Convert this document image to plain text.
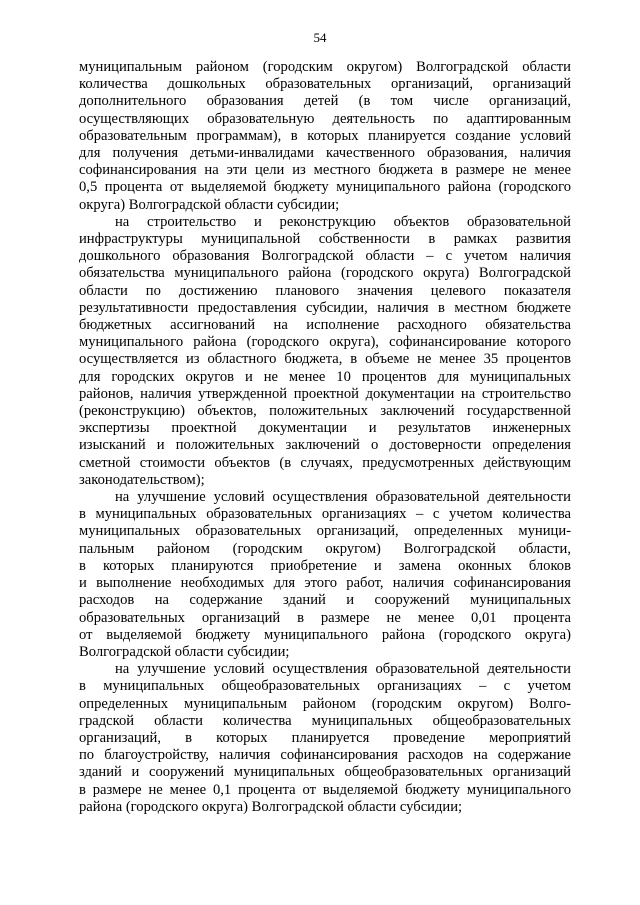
54

муниципальным районом (городским округом) Волгоградской области
количества дошкольных образовательных организаций, организаций
дополнительного образования детей (в том числе организаций,
осуществляющих образовательную деятельность по адаптированным
образовательным программам), в которых планируется создание условий
для получения детьми-инвалидами качественного образования, наличия
софинансирования на эти цели из местного бюджета в размере не менее
0,5 процента от выделяемой бюджету муниципального района (городского
округа) Волгоградской области субсидии;

на строительство и реконструкцию объектов образовательной
инфраструктуры муниципальной собственности в рамках развития
дошкольного образования Волгоградской области – с учетом наличия
обязательства муниципального района (городского округа) Волгоградской
области по достижению планового значения целевого показателя
результативности предоставления субсидии, наличия в местном бюджете
бюджетных ассигнований на исполнение расходного обязательства
муниципального района (городского округа), софинансирование которого
осуществляется из областного бюджета, в объеме не менее 35 процентов
для городских округов и не менее 10 процентов для муниципальных
районов, наличия утвержденной проектной документации на строительство
(реконструкцию) объектов, положительных заключений государственной
экспертизы проектной документации и результатов инженерных
изысканий и положительных заключений о достоверности определения
сметной стоимости объектов (в случаях, предусмотренных действующим
законодательством);

на улучшение условий осуществления образовательной деятельности
в муниципальных образовательных организациях – с учетом количества
муниципальных образовательных организаций, определенных муници-
пальным районом (городским округом) Волгоградской области,
в которых планируются приобретение и замена оконных блоков
и выполнение необходимых для этого работ, наличия софинансирования
расходов на содержание зданий и сооружений муниципальных
образовательных организаций в размере не менее 0,01 процента
от выделяемой бюджету муниципального района (городского округа)
Волгоградской области субсидии;

на улучшение условий осуществления образовательной деятельности
в муниципальных общеобразовательных организациях – с учетом
определенных муниципальным районом (городским округом) Волго-
градской области количества муниципальных общеобразовательных
организаций, в которых планируется проведение мероприятий
по благоустройству, наличия софинансирования расходов на содержание
зданий и сооружений муниципальных общеобразовательных организаций
в размере не менее 0,1 процента от выделяемой бюджету муниципального
района (городского округа) Волгоградской области субсидии;
